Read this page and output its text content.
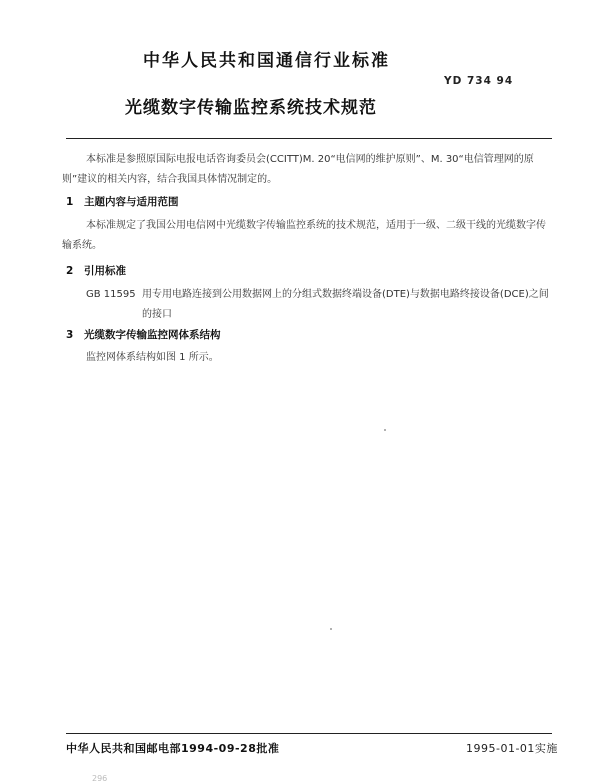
中华人民共和国通信行业标准
YD 734 94
光缆数字传输监控系统技术规范
本标准是参照原国际电报电话咨询委员会(CCITT)M. 20“电信网的维护原则”、M. 30“电信管理网的原则”建议的相关内容，结合我国具体情况制定的。
1 主题内容与适用范围
本标准规定了我国公用电信网中光缆数字传输监控系统的技术规范，适用于一级、二级干线的光缆数字传输系统。
2 引用标准
GB 11595 用专用电路连接到公用数据网上的分组式数据终端设备(DTE)与数据电路终接设备(DCE)之间的接口
3 光缆数字传输监控网体系结构
监控网体系结构如图 1 所示。
中华人民共和国邮电部1994-09-28批准	1995-01-01实施
296
